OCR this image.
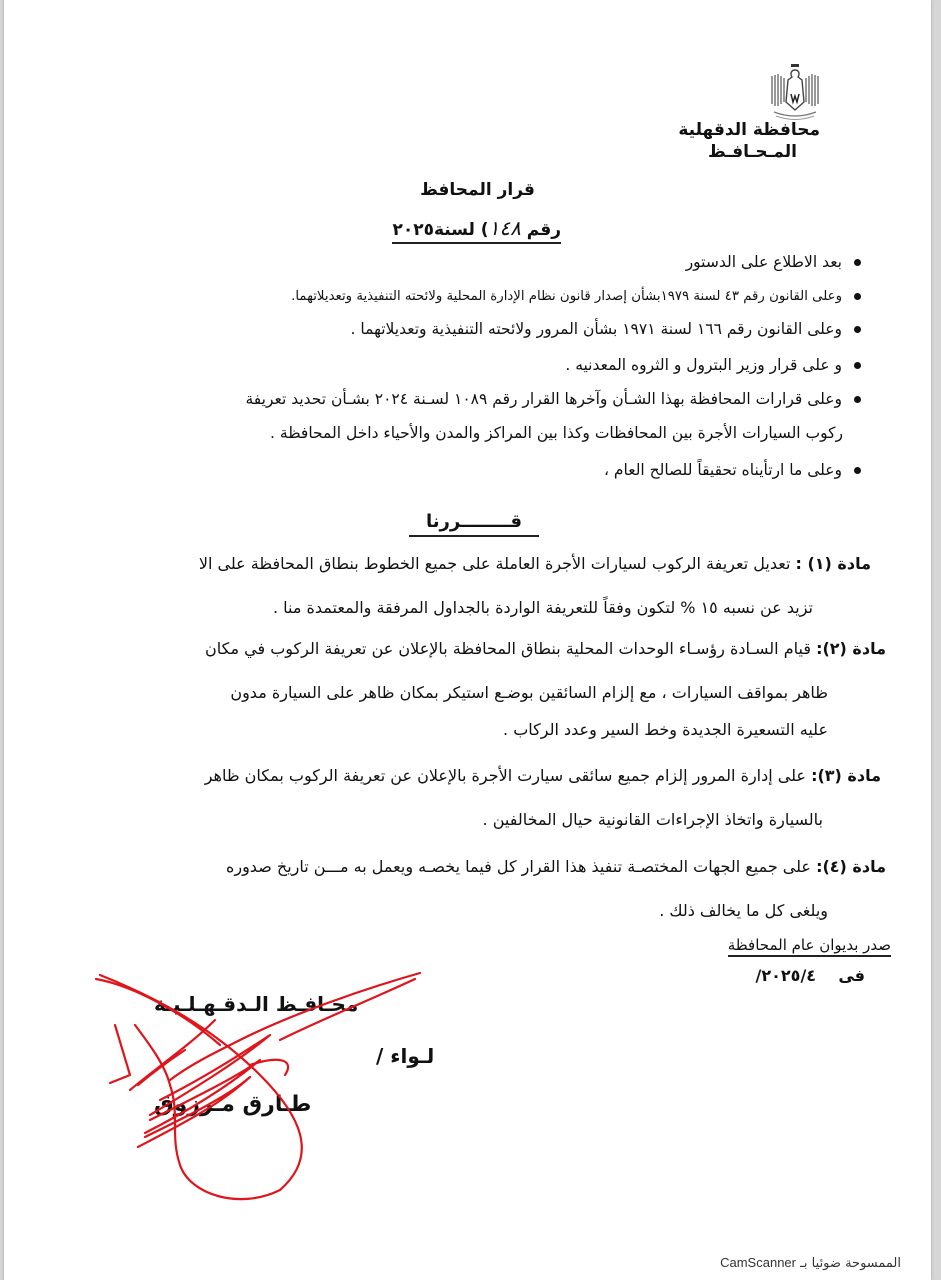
محافظة الدقهلية
المـحـافـظ
قرار المحافظ
رقم ١٤٨) لسنة٢٠٢٥
بعد الاطلاع على الدستور
وعلى القانون رقم ٤٣ لسنة ١٩٧٩بشأن إصدار قانون نظام الإدارة المحلية ولائحته التنفيذية وتعديلاتهما.
وعلى القانون رقم ١٦٦ لسنة ١٩٧١ بشأن المرور ولائحته التنفيذية وتعديلاتهما .
و على قرار وزير البترول و الثروه المعدنيه .
وعلى قرارات المحافظة بهذا الشـأن وآخرها القرار رقم ١٠٨٩ لسـنة ٢٠٢٤ بشـأن تحديد تعريفة
ركوب السيارات الأجرة بين المحافظات وكذا بين المراكز والمدن والأحياء داخل المحافظة .
وعلى ما ارتأيناه تحقيقاً للصالح العام ،
قــــــــررنا
مادة (١) : تعديل تعريفة الركوب لسيارات الأجرة العاملة على جميع الخطوط بنطاق المحافظة على الا
تزيد عن نسبه ١٥ % لتكون وفقاً للتعريفة الواردة بالجداول المرفقة والمعتمدة منا .
مادة (٢): قيام السـادة رؤسـاء الوحدات المحلية بنطاق المحافظة بالإعلان عن تعريفة الركوب في مكان
ظاهر بمواقف السيارات ، مع إلزام السائقين بوضـع استيكر بمكان ظاهر على السيارة مدون
عليه التسعيرة الجديدة وخط السير وعدد الركاب .
مادة (٣): على إدارة المرور إلزام جميع سائقى سيارت الأجرة بالإعلان عن تعريفة الركوب بمكان ظاهر
بالسيارة واتخاذ الإجراءات القانونية حيال المخالفين .
مادة (٤): على جميع الجهات المختصـة تنفيذ هذا القرار كل فيما يخصـه ويعمل به مـــن تاريخ صدوره
ويلغى كل ما يخالف ذلك .
صدر بديوان عام المحافظة
فى    ٢٠٢٥/٤/
محـافـظ الـدقـهـلـيـة
لـواء /
طـارق مـرزوق
الممسوحة ضوئيا بـ CamScanner
